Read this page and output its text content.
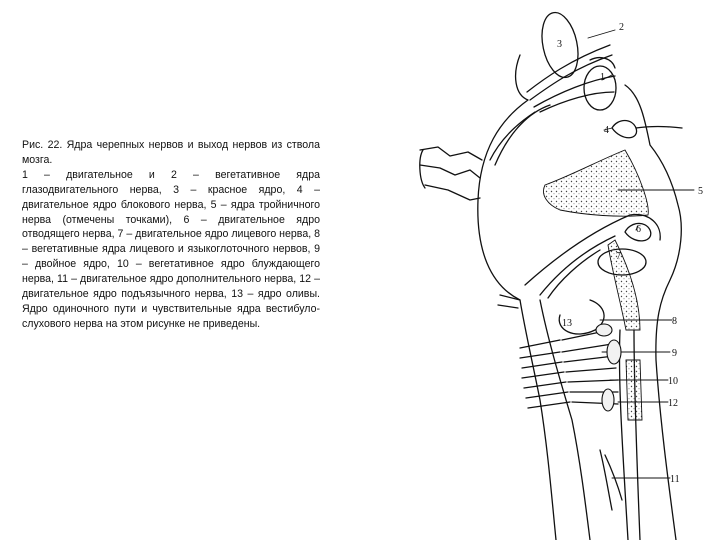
Рис. 22. Ядра черепных нервов и выход нервов из ствола мозга.

1 – двигательное и 2 – вегетативное ядра глазодвигательного нерва, 3 – красное ядро, 4 – двигательное ядро блокового нерва, 5 – ядра тройничного нерва (отмечены точками), 6 – двигательное ядро отводящего нерва, 7 – двигательное ядро лицевого нерва, 8 – вегетативные ядра лицевого и языкоглоточного нервов, 9 – двойное ядро, 10 – вегетативное ядро блуждающего нерва, 11 – двигательное ядро дополнительного нерва, 12 – двигательное ядро подъязычного нерва, 13 – ядро оливы. Ядро одиночного пути и чувствительные ядра вестибуло-слухового нерва на этом рисунке не приведены.

1
2
3
4
5
6
7
8
9
10
11
12
13
